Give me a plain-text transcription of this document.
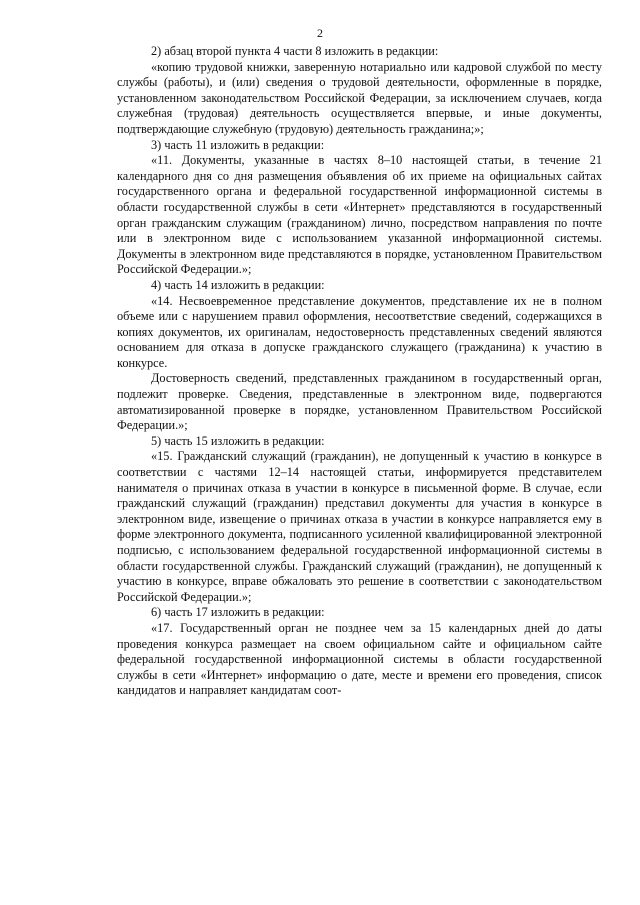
2

2) абзац второй пункта 4 части 8 изложить в редакции:

«копию трудовой книжки, заверенную нотариально или кадровой службой по месту службы (работы), и (или) сведения о трудовой деятельности, оформленные в порядке, установленном законодательством Российской Федерации, за исключением случаев, когда служебная (трудовая) деятельность осуществляется впервые, и иные документы, подтверждающие служебную (трудовую) деятельность гражданина;»;

3) часть 11 изложить в редакции:

«11. Документы, указанные в частях 8–10 настоящей статьи, в течение 21 календарного дня со дня размещения объявления об их приеме на официальных сайтах государственного органа и федеральной государственной информационной системы в области государственной службы в сети «Интернет» представляются в государственный орган гражданским служащим (гражданином) лично, посредством направления по почте или в электронном виде с использованием указанной информационной системы. Документы в электронном виде представляются в порядке, установленном Правительством Российской Федерации.»;

4) часть 14 изложить в редакции:

«14. Несвоевременное представление документов, представление их не в полном объеме или с нарушением правил оформления, несоответствие сведений, содержащихся в копиях документов, их оригиналам, недостоверность представленных сведений являются основанием для отказа в допуске гражданского служащего (гражданина) к участию в конкурсе.

Достоверность сведений, представленных гражданином в государственный орган, подлежит проверке. Сведения, представленные в электронном виде, подвергаются автоматизированной проверке в порядке, установленном Правительством Российской Федерации.»;

5) часть 15 изложить в редакции:

«15. Гражданский служащий (гражданин), не допущенный к участию в конкурсе в соответствии с частями 12–14 настоящей статьи, информируется представителем нанимателя о причинах отказа в участии в конкурсе в письменной форме. В случае, если гражданский служащий (гражданин) представил документы для участия в конкурсе в электронном виде, извещение о причинах отказа в участии в конкурсе направляется ему в форме электронного документа, подписанного усиленной квалифицированной электронной подписью, с использованием федеральной государственной информационной системы в области государственной службы. Гражданский служащий (гражданин), не допущенный к участию в конкурсе, вправе обжаловать это решение в соответствии с законодательством Российской Федерации.»;

6) часть 17 изложить в редакции:

«17. Государственный орган не позднее чем за 15 календарных дней до даты проведения конкурса размещает на своем официальном сайте и официальном сайте федеральной государственной информационной системы в области государственной службы в сети «Интернет» информацию о дате, месте и времени его проведения, список кандидатов и направляет кандидатам соот-
